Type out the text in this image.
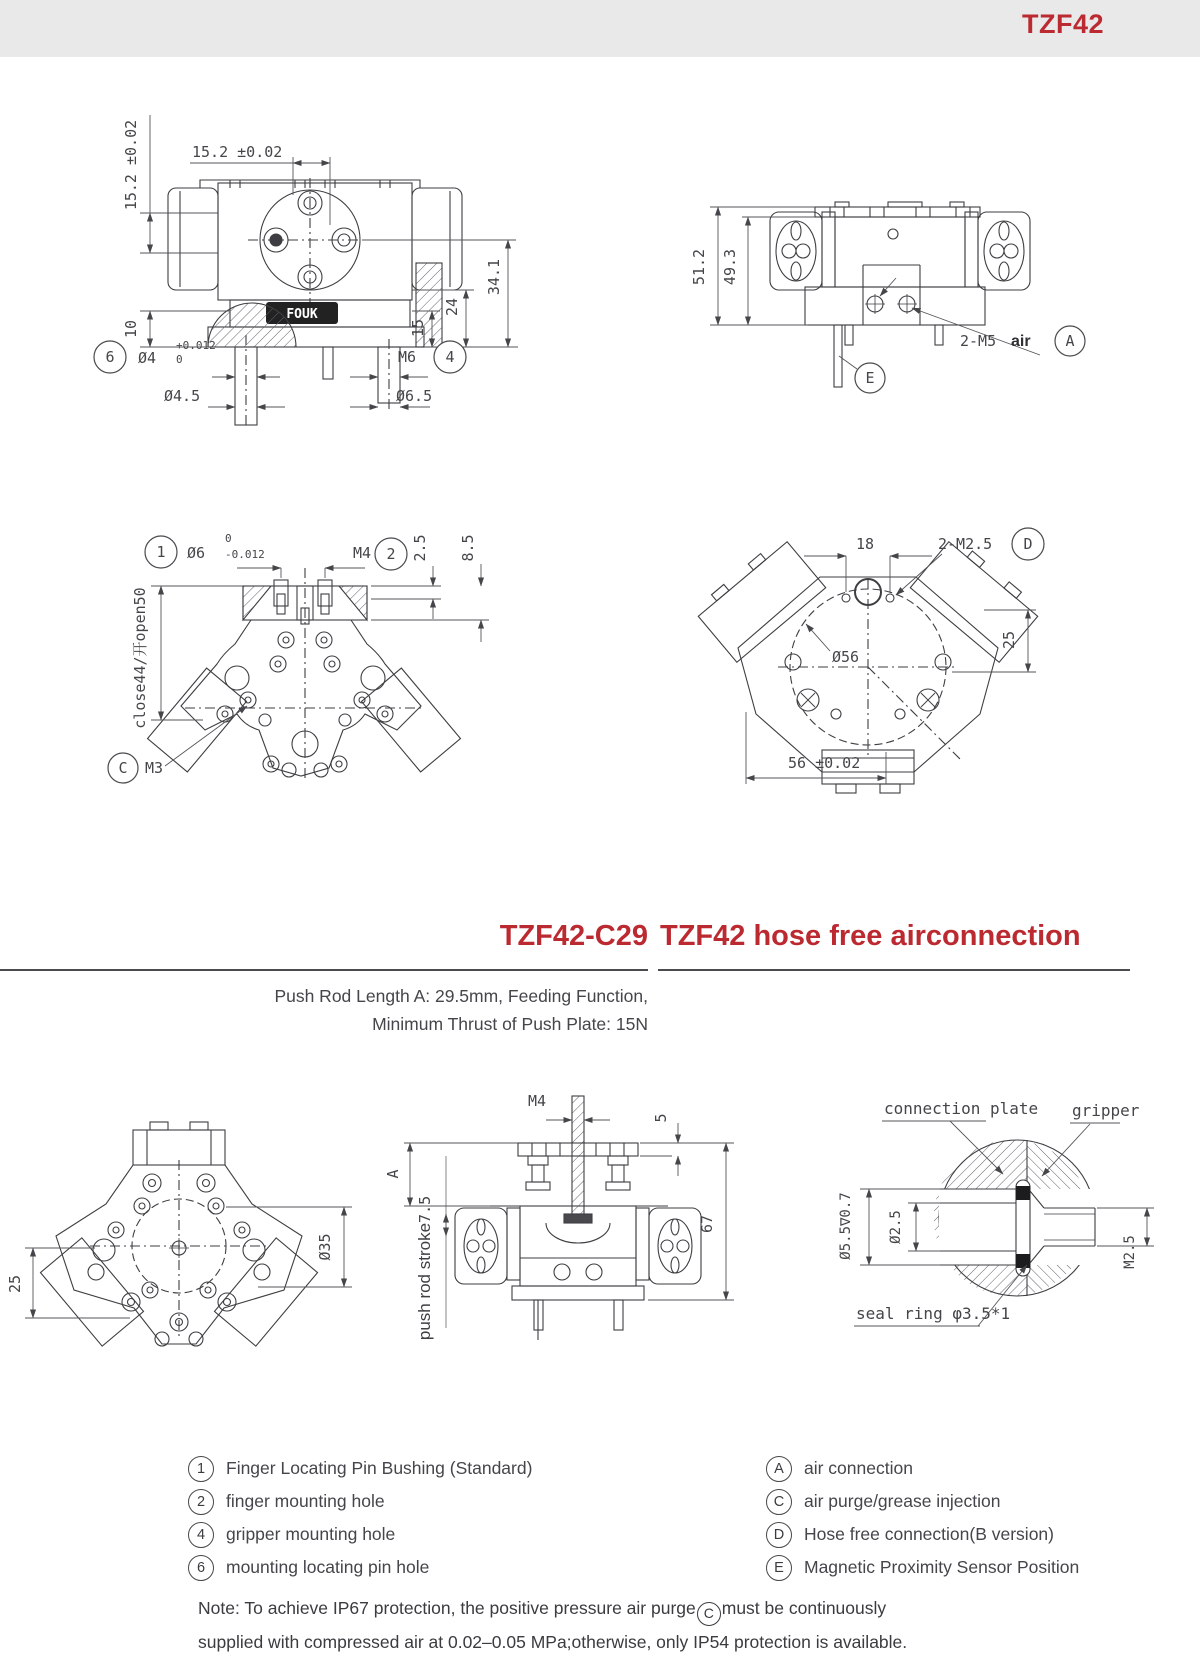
TZF42
FOUK
15.2 ±0.02
15.2 ±0.02
10	15
24
34.1
6 Ø4
+0.012
0
Ø4.5
M6 4
Ø6.5
51.2 49.3
2-M5 air A
E
1 Ø6
0
-0.012	M4 2 2.5 8.5
close44/开open50
C M3
18	2-M2.5 D
Ø56
25
56 ±0.02
TZF42-C29 TZF42 hose free airconnection
Push Rod Length A: 29.5mm, Feeding Function,
Minimum Thrust of Push Plate: 15N
25
Ø35
M4
5
A
push rod stroke7.5
67
connection plate gripper
Ø5.5∇0.7 Ø2.5
M2.5
seal ring φ3.5*1
1	Finger Locating Pin Bushing (Standard)
2	finger mounting hole
4	gripper mounting hole
6	mounting locating pin hole
A	air connection
C	air purge/grease injection
D	Hose free connection(B version)
E	Magnetic Proximity Sensor Position
Note: To achieve IP67 protection, the positive pressure air purge C must be continuously
supplied with compressed air at 0.02–0.05 MPa;otherwise, only IP54 protection is available.
